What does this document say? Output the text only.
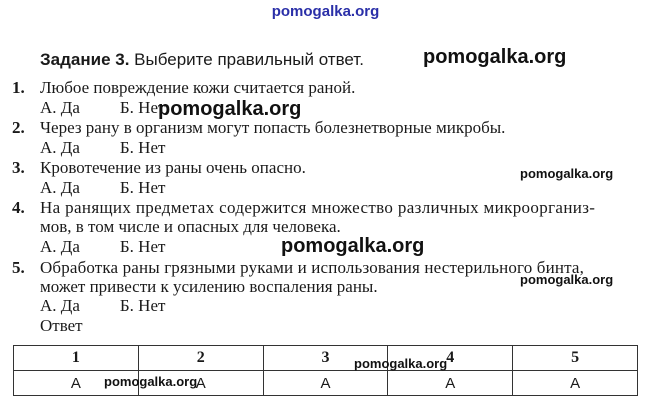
pomogalka.org
Задание 3. Выберите правильный ответ.	pomogalka.org
1. Любое повреждение кожи считается раной.
А. Да Б. Нет
pomogalka.org
2. Через рану в организм могут попасть болезнетворные микробы.
А. Да Б. Нет
3. Кровотечение из раны очень опасно.
А. Да Б. Нет
pomogalka.org
4. На ранящих предметах содержится множество различных микроорганиз-
мов, в том числе и опасных для человека.
А. Да Б. Нет	pomogalka.org
5. Обработка раны грязными руками и использования нестерильного бинта,
может привести к усилению воспаления раны.
А. Да Б. Нет
pomogalka.org
Ответ
1	2	3	4	5
А	А	А	А	А
pomogalka.org
pomogalka.org
